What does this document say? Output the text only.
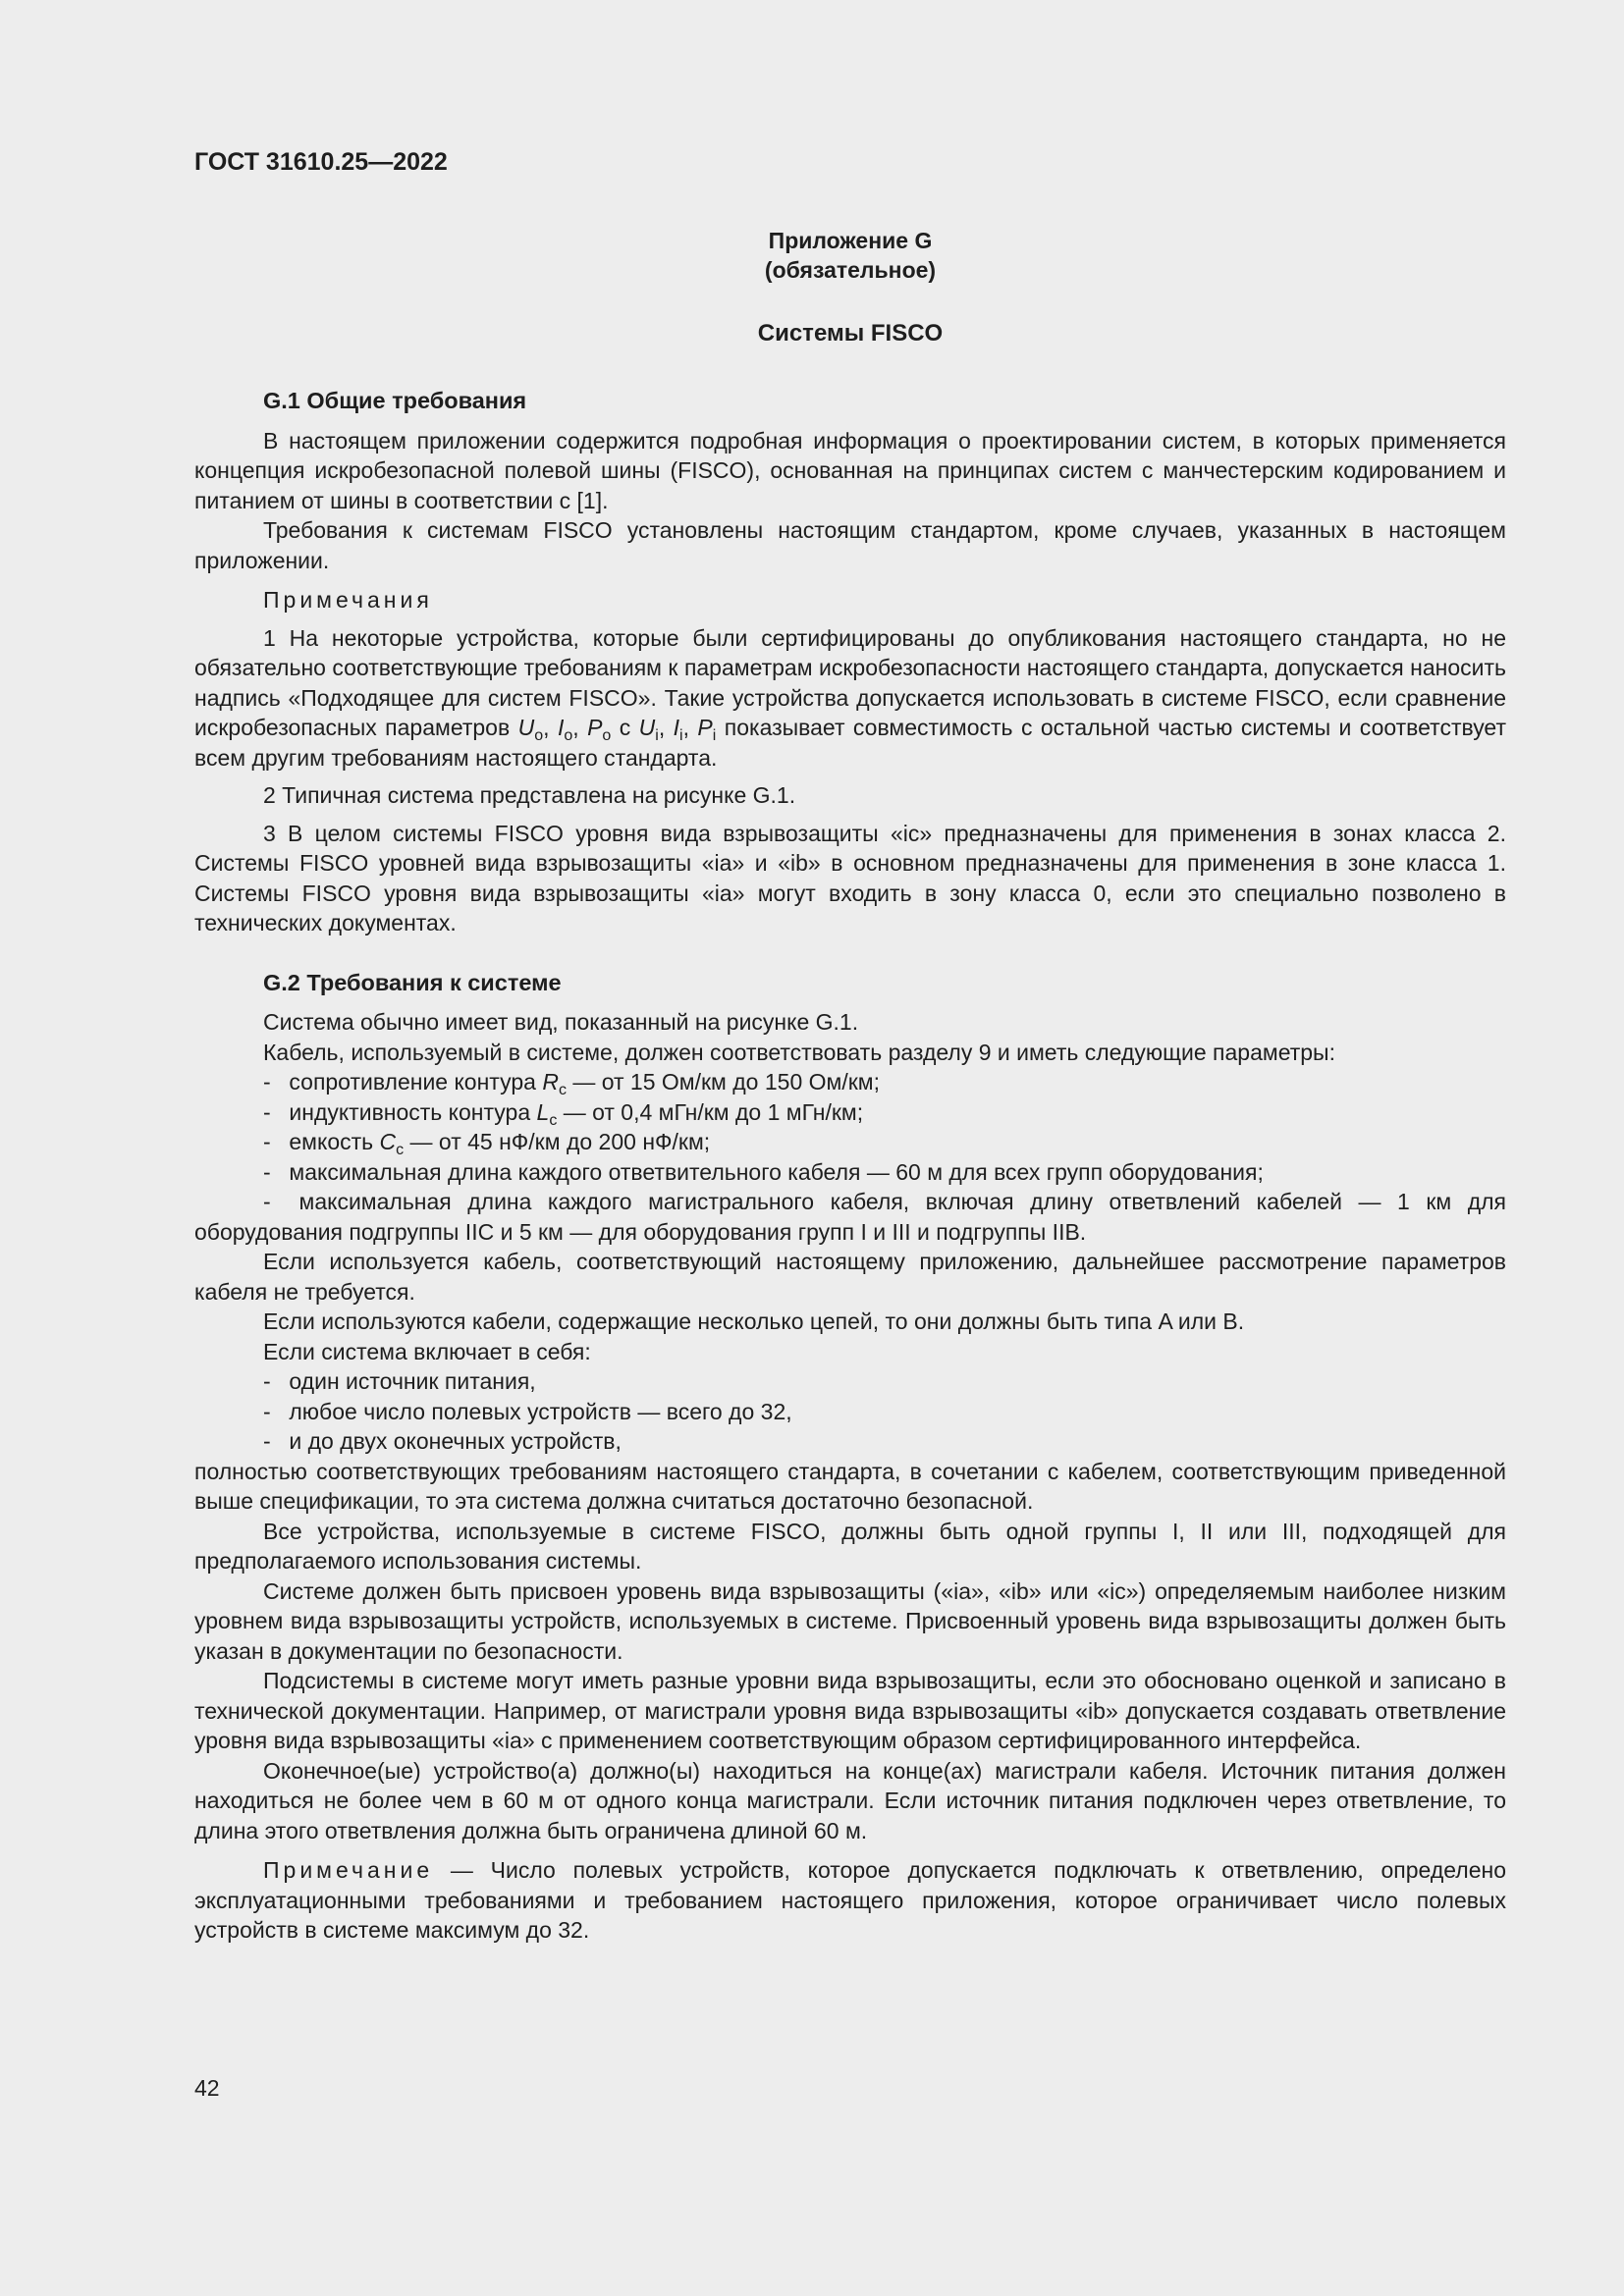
ГОСТ 31610.25—2022
Приложение G
(обязательное)
Системы FISCO

G.1 Общие требования

В настоящем приложении содержится подробная информация о проектировании систем, в которых применяется концепция искробезопасной полевой шины (FISCO), основанная на принципах систем с манчестерским кодированием и питанием от шины в соответствии с [1].

Требования к системам FISCO установлены настоящим стандартом, кроме случаев, указанных в настоящем приложении.

Примечания

1 На некоторые устройства, которые были сертифицированы до опубликования настоящего стандарта, но не обязательно соответствующие требованиям к параметрам искробезопасности настоящего стандарта, допускается наносить надпись «Подходящее для систем FISCO». Такие устройства допускается использовать в системе FISCO, если сравнение искробезопасных параметров $U_o$, $I_o$, $P_o$ с $U_i$, $I_i$, $P_i$ показывает совместимость с остальной частью системы и соответствует всем другим требованиям настоящего стандарта.

2 Типичная система представлена на рисунке G.1.

3 В целом системы FISCO уровня вида взрывозащиты «ic» предназначены для применения в зонах класса 2. Системы FISCO уровней вида взрывозащиты «ia» и «ib» в основном предназначены для применения в зоне класса 1. Системы FISCO уровня вида взрывозащиты «ia» могут входить в зону класса 0, если это специально позволено в технических документах.

G.2 Требования к системе

Система обычно имеет вид, показанный на рисунке G.1.

Кабель, используемый в системе, должен соответствовать разделу 9 и иметь следующие параметры:

- сопротивление контура $R_c$ — от 15 Ом/км до 150 Ом/км;

- индуктивность контура $L_c$ — от 0,4 мГн/км до 1 мГн/км;

- емкость $C_c$ — от 45 нФ/км до 200 нФ/км;

- максимальная длина каждого ответвительного кабеля — 60 м для всех групп оборудования;

- максимальная длина каждого магистрального кабеля, включая длину ответвлений кабелей — 1 км для оборудования подгруппы IIC и 5 км — для оборудования групп I и III и подгруппы IIB.

Если используется кабель, соответствующий настоящему приложению, дальнейшее рассмотрение параметров кабеля не требуется.

Если используются кабели, содержащие несколько цепей, то они должны быть типа A или B.

Если система включает в себя:

- один источник питания,

- любое число полевых устройств — всего до 32,

- и до двух оконечных устройств,

полностью соответствующих требованиям настоящего стандарта, в сочетании с кабелем, соответствующим приведенной выше спецификации, то эта система должна считаться достаточно безопасной.

Все устройства, используемые в системе FISCO, должны быть одной группы I, II или III, подходящей для предполагаемого использования системы.

Системе должен быть присвоен уровень вида взрывозащиты («ia», «ib» или «ic») определяемым наиболее низким уровнем вида взрывозащиты устройств, используемых в системе. Присвоенный уровень вида взрывозащиты должен быть указан в документации по безопасности.

Подсистемы в системе могут иметь разные уровни вида взрывозащиты, если это обосновано оценкой и записано в технической документации. Например, от магистрали уровня вида взрывозащиты «ib» допускается создавать ответвление уровня вида взрывозащиты «ia» с применением соответствующим образом сертифицированного интерфейса.

Оконечное(ые) устройство(а) должно(ы) находиться на конце(ах) магистрали кабеля. Источник питания должен находиться не более чем в 60 м от одного конца магистрали. Если источник питания подключен через ответвление, то длина этого ответвления должна быть ограничена длиной 60 м.

Примечание — Число полевых устройств, которое допускается подключать к ответвлению, определено эксплуатационными требованиями и требованием настоящего приложения, которое ограничивает число полевых устройств в системе максимум до 32.

42
